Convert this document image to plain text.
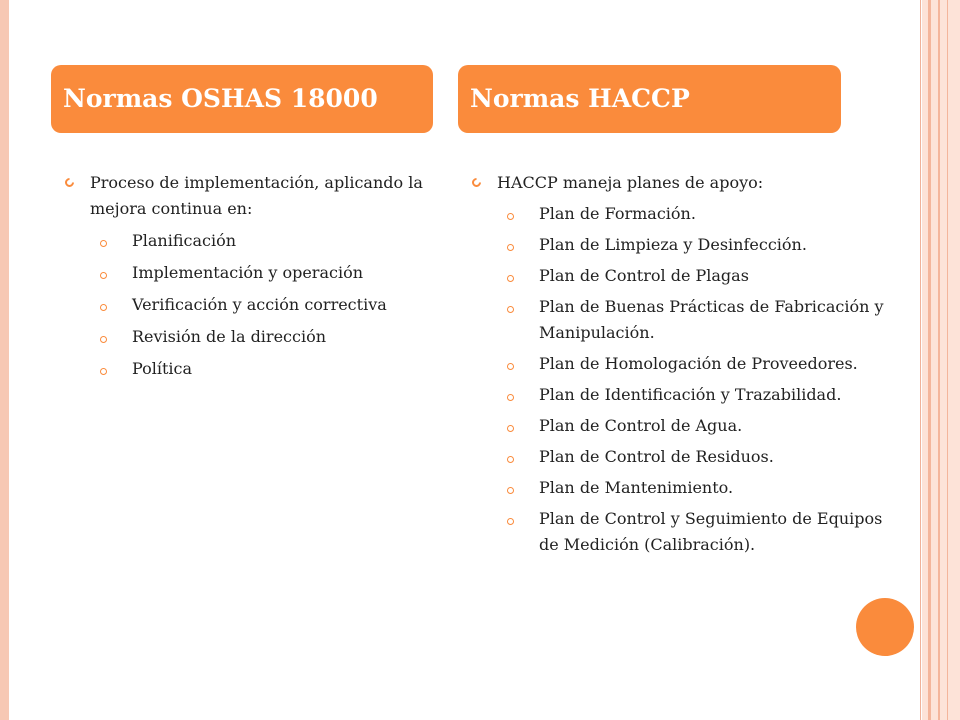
Normas OSHAS 18000	Normas HACCP
Proceso de implementación, aplicando la mejora continua en:
Planificación
Implementación y operación
Verificación y acción correctiva
Revisión de la dirección
Política
HACCP maneja planes de apoyo:
Plan de Formación.
Plan de Limpieza y Desinfección.
Plan de Control de Plagas
Plan de Buenas Prácticas de Fabricación y Manipulación.
Plan de Homologación de Proveedores.
Plan de Identificación y Trazabilidad.
Plan de Control de Agua.
Plan de Control de Residuos.
Plan de Mantenimiento.
Plan de Control y Seguimiento de Equipos de Medición (Calibración).
